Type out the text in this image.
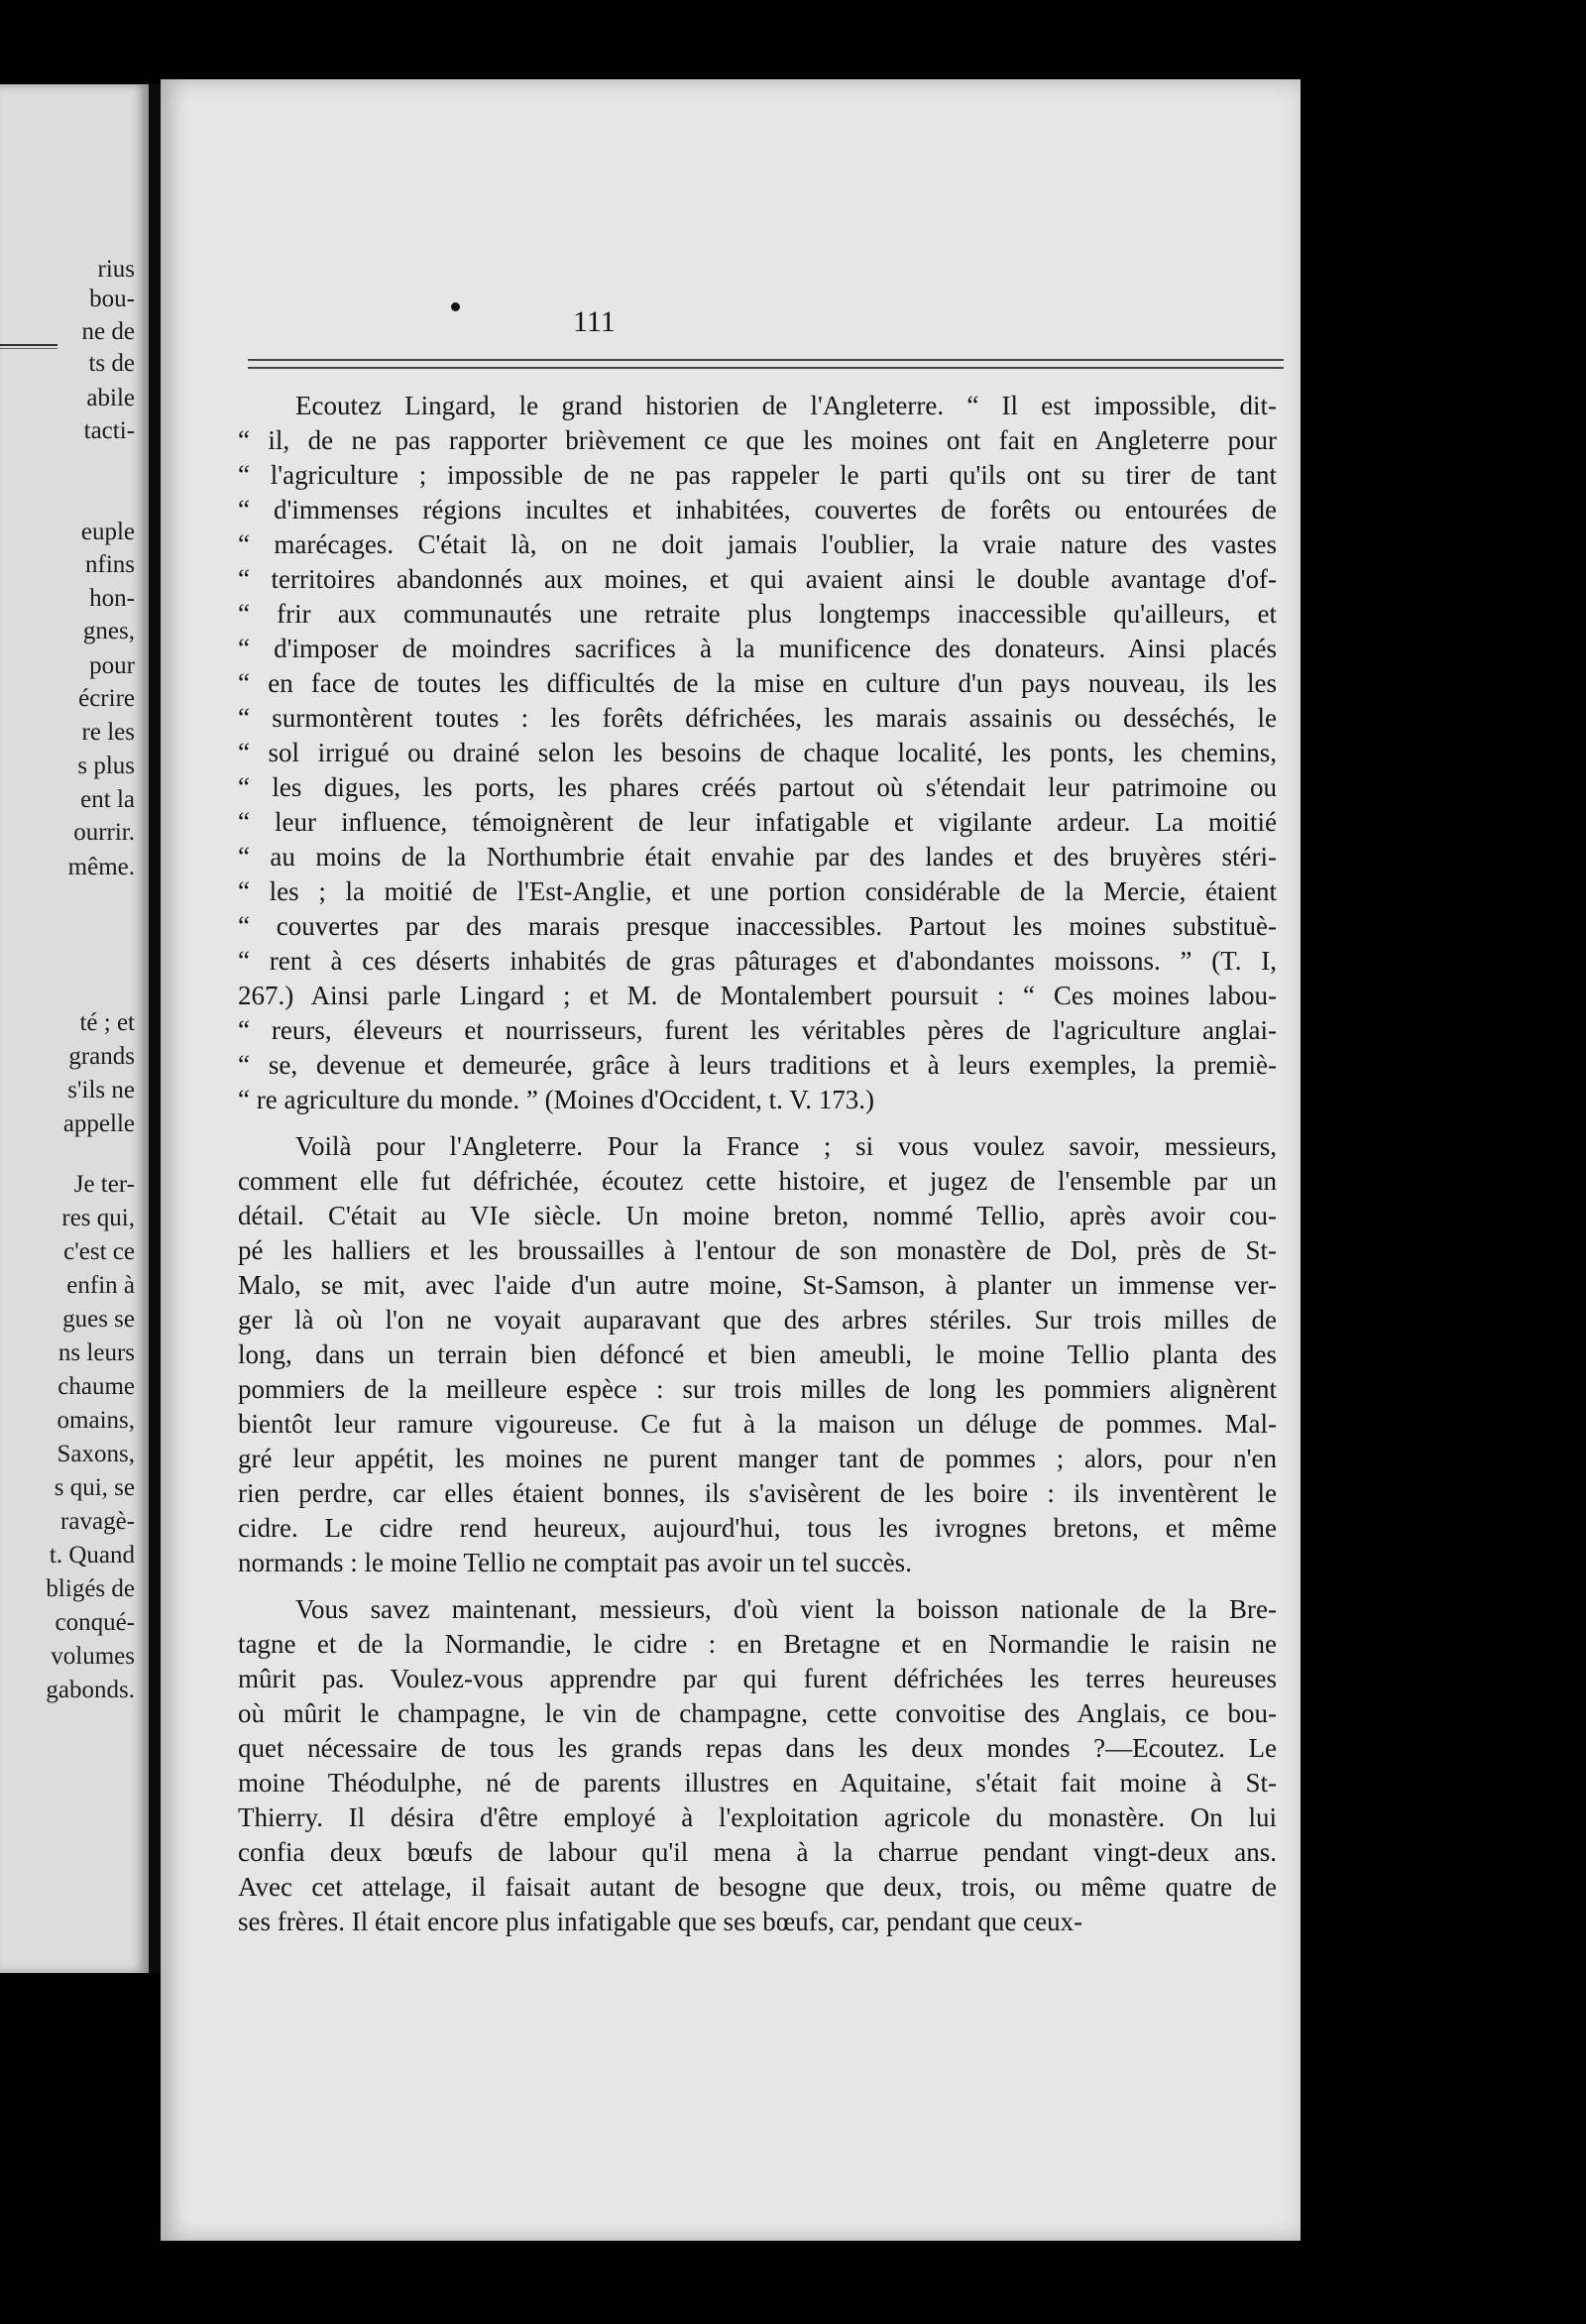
rius
bou-
ne de
ts de
abile
tacti-
euple
nfins
hon-
gnes,
pour
écrire
re les
s plus
ent la
ourrir.
même.
té ; et
grands
s'ils ne
appelle
Je ter-
res qui,
c'est ce
enfin à
gues se
ns leurs
chaume
omains,
Saxons,
s qui, se
ravagè-
t. Quand
bligés de
conqué-
volumes
gabonds.
111
Ecoutez Lingard, le grand historien de l'Angleterre. “ Il est impossible, dit-
“ il, de ne pas rapporter brièvement ce que les moines ont fait en Angleterre pour
“ l'agriculture ; impossible de ne pas rappeler le parti qu'ils ont su tirer de tant
“ d'immenses régions incultes et inhabitées, couvertes de forêts ou entourées de
“ marécages. C'était là, on ne doit jamais l'oublier, la vraie nature des vastes
“ territoires abandonnés aux moines, et qui avaient ainsi le double avantage d'of-
“ frir aux communautés une retraite plus longtemps inaccessible qu'ailleurs, et
“ d'imposer de moindres sacrifices à la munificence des donateurs. Ainsi placés
“ en face de toutes les difficultés de la mise en culture d'un pays nouveau, ils les
“ surmontèrent toutes : les forêts défrichées, les marais assainis ou desséchés, le
“ sol irrigué ou drainé selon les besoins de chaque localité, les ponts, les chemins,
“ les digues, les ports, les phares créés partout où s'étendait leur patrimoine ou
“ leur influence, témoignèrent de leur infatigable et vigilante ardeur. La moitié
“ au moins de la Northumbrie était envahie par des landes et des bruyères stéri-
“ les ; la moitié de l'Est-Anglie, et une portion considérable de la Mercie, étaient
“ couvertes par des marais presque inaccessibles. Partout les moines substituè-
“ rent à ces déserts inhabités de gras pâturages et d'abondantes moissons. ” (T. I,
267.) Ainsi parle Lingard ; et M. de Montalembert poursuit : “ Ces moines labou-
“ reurs, éleveurs et nourrisseurs, furent les véritables pères de l'agriculture anglai-
“ se, devenue et demeurée, grâce à leurs traditions et à leurs exemples, la premiè-
“ re agriculture du monde. ” (Moines d'Occident, t. V. 173.)
Voilà pour l'Angleterre. Pour la France ; si vous voulez savoir, messieurs,
comment elle fut défrichée, écoutez cette histoire, et jugez de l'ensemble par un
détail. C'était au VIe siècle. Un moine breton, nommé Tellio, après avoir cou-
pé les halliers et les broussailles à l'entour de son monastère de Dol, près de St-
Malo, se mit, avec l'aide d'un autre moine, St-Samson, à planter un immense ver-
ger là où l'on ne voyait auparavant que des arbres stériles. Sur trois milles de
long, dans un terrain bien défoncé et bien ameubli, le moine Tellio planta des
pommiers de la meilleure espèce : sur trois milles de long les pommiers alignèrent
bientôt leur ramure vigoureuse. Ce fut à la maison un déluge de pommes. Mal-
gré leur appétit, les moines ne purent manger tant de pommes ; alors, pour n'en
rien perdre, car elles étaient bonnes, ils s'avisèrent de les boire : ils inventèrent le
cidre. Le cidre rend heureux, aujourd'hui, tous les ivrognes bretons, et même
normands : le moine Tellio ne comptait pas avoir un tel succès.
Vous savez maintenant, messieurs, d'où vient la boisson nationale de la Bre-
tagne et de la Normandie, le cidre : en Bretagne et en Normandie le raisin ne
mûrit pas. Voulez-vous apprendre par qui furent défrichées les terres heureuses
où mûrit le champagne, le vin de champagne, cette convoitise des Anglais, ce bou-
quet nécessaire de tous les grands repas dans les deux mondes ?—Ecoutez. Le
moine Théodulphe, né de parents illustres en Aquitaine, s'était fait moine à St-
Thierry. Il désira d'être employé à l'exploitation agricole du monastère. On lui
confia deux bœufs de labour qu'il mena à la charrue pendant vingt-deux ans.
Avec cet attelage, il faisait autant de besogne que deux, trois, ou même quatre de
ses frères. Il était encore plus infatigable que ses bœufs, car, pendant que ceux-
